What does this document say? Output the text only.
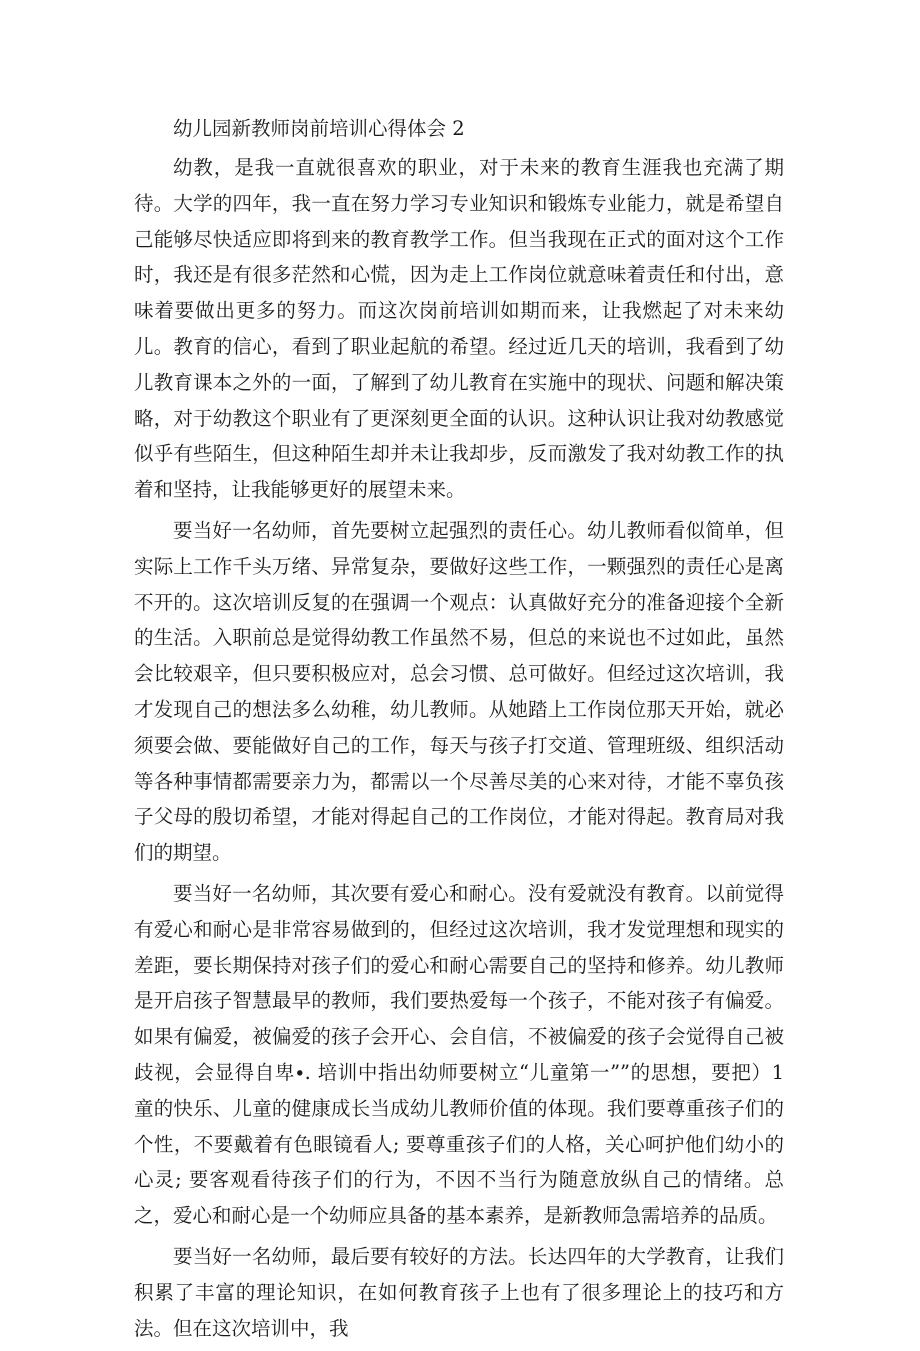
幼儿园新教师岗前培训心得体会 2

幼教，是我一直就很喜欢的职业，对于未来的教育生涯我也充满了期待。大学的四年，我一直在努力学习专业知识和锻炼专业能力，就是希望自己能够尽快适应即将到来的教育教学工作。但当我现在正式的面对这个工作时，我还是有很多茫然和心慌，因为走上工作岗位就意味着责任和付出，意味着要做出更多的努力。而这次岗前培训如期而来，让我燃起了对未来幼儿。教育的信心，看到了职业起航的希望。经过近几天的培训，我看到了幼儿教育课本之外的一面，了解到了幼儿教育在实施中的现状、问题和解决策略，对于幼教这个职业有了更深刻更全面的认识。这种认识让我对幼教感觉似乎有些陌生，但这种陌生却并未让我却步，反而激发了我对幼教工作的执着和坚持，让我能够更好的展望未来。

要当好一名幼师，首先要树立起强烈的责任心。幼儿教师看似简单，但实际上工作千头万绪、异常复杂，要做好这些工作，一颗强烈的责任心是离不开的。这次培训反复的在强调一个观点：认真做好充分的准备迎接个全新的生活。入职前总是觉得幼教工作虽然不易，但总的来说也不过如此，虽然会比较艰辛，但只要积极应对，总会习惯、总可做好。但经过这次培训，我才发现自己的想法多么幼稚，幼儿教师。从她踏上工作岗位那天开始，就必须要会做、要能做好自己的工作，每天与孩子打交道、管理班级、组织活动等各种事情都需要亲力为，都需以一个尽善尽美的心来对待，才能不辜负孩子父母的殷切希望，才能对得起自己的工作岗位，才能对得起。教育局对我们的期望。

要当好一名幼师，其次要有爱心和耐心。没有爱就没有教育。以前觉得有爱心和耐心是非常容易做到的，但经过这次培训，我才发觉理想和现实的差距，要长期保持对孩子们的爱心和耐心需要自己的坚持和修养。幼儿教师是开启孩子智慧最早的教师，我们要热爱每一个孩子，不能对孩子有偏爱。如果有偏爱，被偏爱的孩子会开心、会自信，不被偏爱的孩子会觉得自己被歧视，会显得自卑∙. 培训中指出幼师要树立“儿童第一””的思想，要把）1 童的快乐、儿童的健康成长当成幼儿教师价值的体现。我们要尊重孩子们的个性，不要戴着有色眼镜看人; 要尊重孩子们的人格，关心呵护他们幼小的心灵; 要客观看待孩子们的行为，不因不当行为随意放纵自己的情绪。总之，爱心和耐心是一个幼师应具备的基本素养，是新教师急需培养的品质。

要当好一名幼师，最后要有较好的方法。长达四年的大学教育，让我们积累了丰富的理论知识，在如何教育孩子上也有了很多理论上的技巧和方法。但在这次培训中，我
